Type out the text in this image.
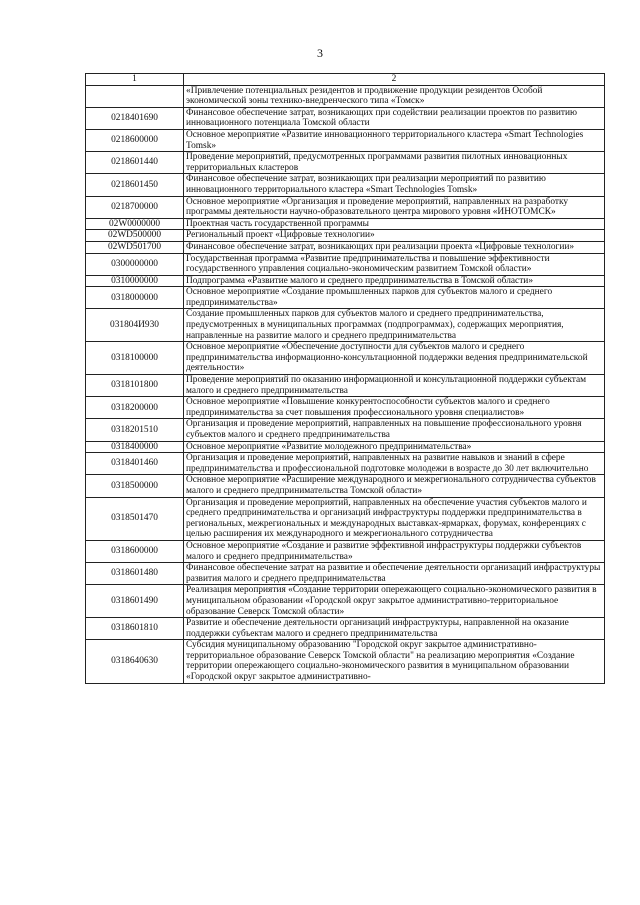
3
1	2
	«Привлечение потенциальных резидентов и продвижение продукции резидентов Особой экономической зоны технико-внедренческого типа «Томск»
0218401690	Финансовое обеспечение затрат, возникающих при содействии реализации проектов по развитию инновационного потенциала Томской области
0218600000	Основное мероприятие «Развитие инновационного территориального кластера «Smart Technologies Tomsk»
0218601440	Проведение мероприятий, предусмотренных программами развития пилотных инновационных территориальных кластеров
0218601450	Финансовое обеспечение затрат, возникающих при реализации мероприятий по развитию инновационного территориального кластера «Smart Technologies Tomsk»
0218700000	Основное мероприятие «Организация и проведение мероприятий, направленных на разработку программы деятельности научно-образовательного центра мирового уровня «ИНОТОМСК»
02W0000000	Проектная часть государственной программы
02WD500000	Региональный проект «Цифровые технологии»
02WD501700	Финансовое обеспечение затрат, возникающих при реализации проекта «Цифровые технологии»
0300000000	Государственная программа «Развитие предпринимательства и повышение эффективности государственного управления социально-экономическим развитием Томской области»
0310000000	Подпрограмма «Развитие малого и среднего предпринимательства в Томской области»
0318000000	Основное мероприятие «Создание промышленных парков для субъектов малого и среднего предпринимательства»
031804И930	Создание промышленных парков для субъектов малого и среднего предпринимательства, предусмотренных в муниципальных программах (подпрограммах), содержащих мероприятия, направленные на развитие малого и среднего предпринимательства
0318100000	Основное мероприятие «Обеспечение доступности для субъектов малого и среднего предпринимательства информационно-консультационной поддержки ведения предпринимательской деятельности»
0318101800	Проведение мероприятий по оказанию информационной и консультационной поддержки субъектам малого и среднего предпринимательства
0318200000	Основное мероприятие «Повышение конкурентоспособности субъектов малого и среднего предпринимательства за счет повышения профессионального уровня специалистов»
0318201510	Организация и проведение мероприятий, направленных на повышение профессионального уровня субъектов малого и среднего предпринимательства
0318400000	Основное мероприятие «Развитие молодежного предпринимательства»
0318401460	Организация и проведение мероприятий, направленных на развитие навыков и знаний в сфере предпринимательства и профессиональной подготовке молодежи в возрасте до 30 лет включительно
0318500000	Основное мероприятие «Расширение международного и межрегионального сотрудничества субъектов малого и среднего предпринимательства Томской области»
0318501470	Организация и проведение мероприятий, направленных на обеспечение участия субъектов малого и среднего предпринимательства и организаций инфраструктуры поддержки предпринимательства в региональных, межрегиональных и международных выставках-ярмарках, форумах, конференциях с целью расширения их международного и межрегионального сотрудничества
0318600000	Основное мероприятие «Создание и развитие эффективной инфраструктуры поддержки субъектов малого и среднего предпринимательства»
0318601480	Финансовое обеспечение затрат на развитие и обеспечение деятельности организаций инфраструктуры развития малого и среднего предпринимательства
0318601490	Реализация мероприятия «Создание территории опережающего социально-экономического развития в муниципальном образовании «Городской округ закрытое административно-территориальное образование Северск Томской области»
0318601810	Развитие и обеспечение деятельности организаций инфраструктуры, направленной на оказание поддержки субъектам малого и среднего предпринимательства
0318640630	Субсидия муниципальному образованию "Городской округ закрытое административно-территориальное образование Северск Томской области" на реализацию мероприятия «Создание территории опережающего социально-экономического развития в муниципальном образовании «Городской округ закрытое административно-
